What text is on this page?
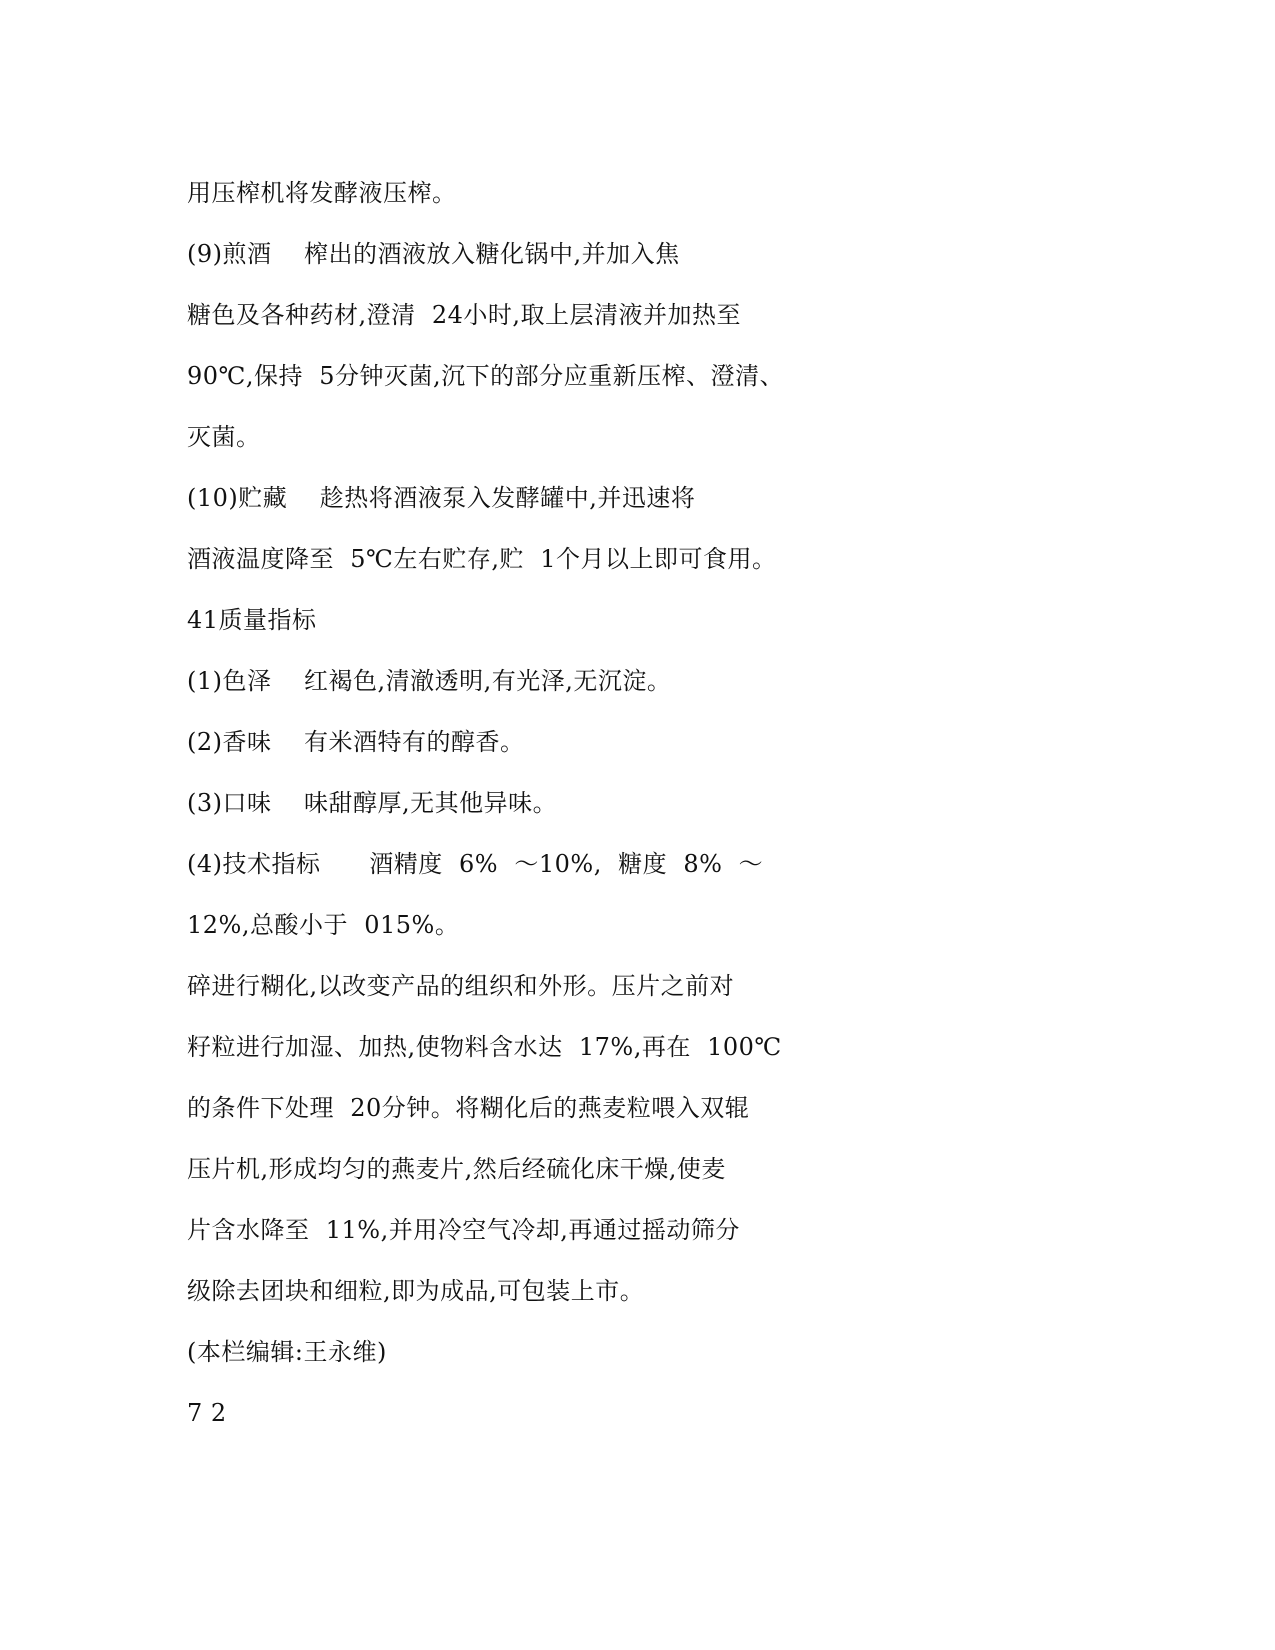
用压榨机将发酵液压榨。
(9)煎酒    榨出的酒液放入糖化锅中,并加入焦
糖色及各种药材,澄清  24小时,取上层清液并加热至
90℃,保持  5分钟灭菌,沉下的部分应重新压榨、澄清、
灭菌。
(10)贮藏    趁热将酒液泵入发酵罐中,并迅速将
酒液温度降至  5℃左右贮存,贮  1个月以上即可食用。
41质量指标
(1)色泽    红褐色,清澈透明,有光泽,无沉淀。
(2)香味    有米酒特有的醇香。
(3)口味    味甜醇厚,无其他异味。
(4)技术指标      酒精度  6%  ～10%,  糖度  8%  ～
12%,总酸小于  015%。
碎进行糊化,以改变产品的组织和外形。压片之前对
籽粒进行加湿、加热,使物料含水达  17%,再在  100℃
的条件下处理  20分钟。将糊化后的燕麦粒喂入双辊
压片机,形成均匀的燕麦片,然后经硫化床干燥,使麦
片含水降至  11%,并用冷空气冷却,再通过摇动筛分
级除去团块和细粒,即为成品,可包装上市。
(本栏编辑:王永维)
7 2
